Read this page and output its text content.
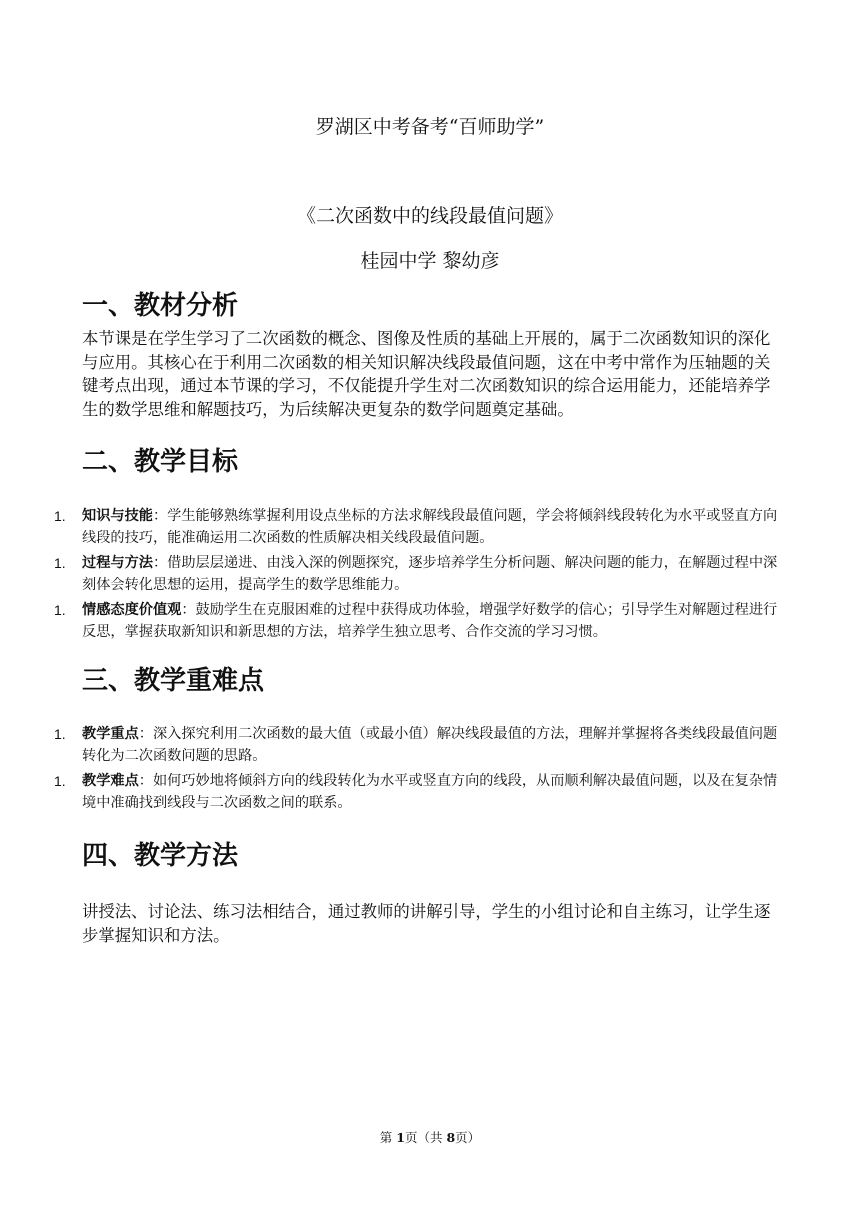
罗湖区中考备考“百师助学”
《二次函数中的线段最值问题》
桂园中学 黎幼彦
一、教材分析
本节课是在学生学习了二次函数的概念、图像及性质的基础上开展的，属于二次函数知识的深化与应用。其核心在于利用二次函数的相关知识解决线段最值问题，这在中考中常作为压轴题的关键考点出现，通过本节课的学习，不仅能提升学生对二次函数知识的综合运用能力，还能培养学生的数学思维和解题技巧，为后续解决更复杂的数学问题奠定基础。
二、教学目标
1. 知识与技能：学生能够熟练掌握利用设点坐标的方法求解线段最值问题，学会将倾斜线段转化为水平或竖直方向线段的技巧，能准确运用二次函数的性质解决相关线段最值问题。
1. 过程与方法：借助层层递进、由浅入深的例题探究，逐步培养学生分析问题、解决问题的能力，在解题过程中深刻体会转化思想的运用，提高学生的数学思维能力。
1. 情感态度价值观：鼓励学生在克服困难的过程中获得成功体验，增强学好数学的信心；引导学生对解题过程进行反思，掌握获取新知识和新思想的方法，培养学生独立思考、合作交流的学习习惯。
三、教学重难点
1. 教学重点：深入探究利用二次函数的最大值（或最小值）解决线段最值的方法，理解并掌握将各类线段最值问题转化为二次函数问题的思路。
1. 教学难点：如何巧妙地将倾斜方向的线段转化为水平或竖直方向的线段，从而顺利解决最值问题，以及在复杂情境中准确找到线段与二次函数之间的联系。
四、教学方法
讲授法、讨论法、练习法相结合，通过教师的讲解引导，学生的小组讨论和自主练习，让学生逐步掌握知识和方法。
第 1页（共 8页）
